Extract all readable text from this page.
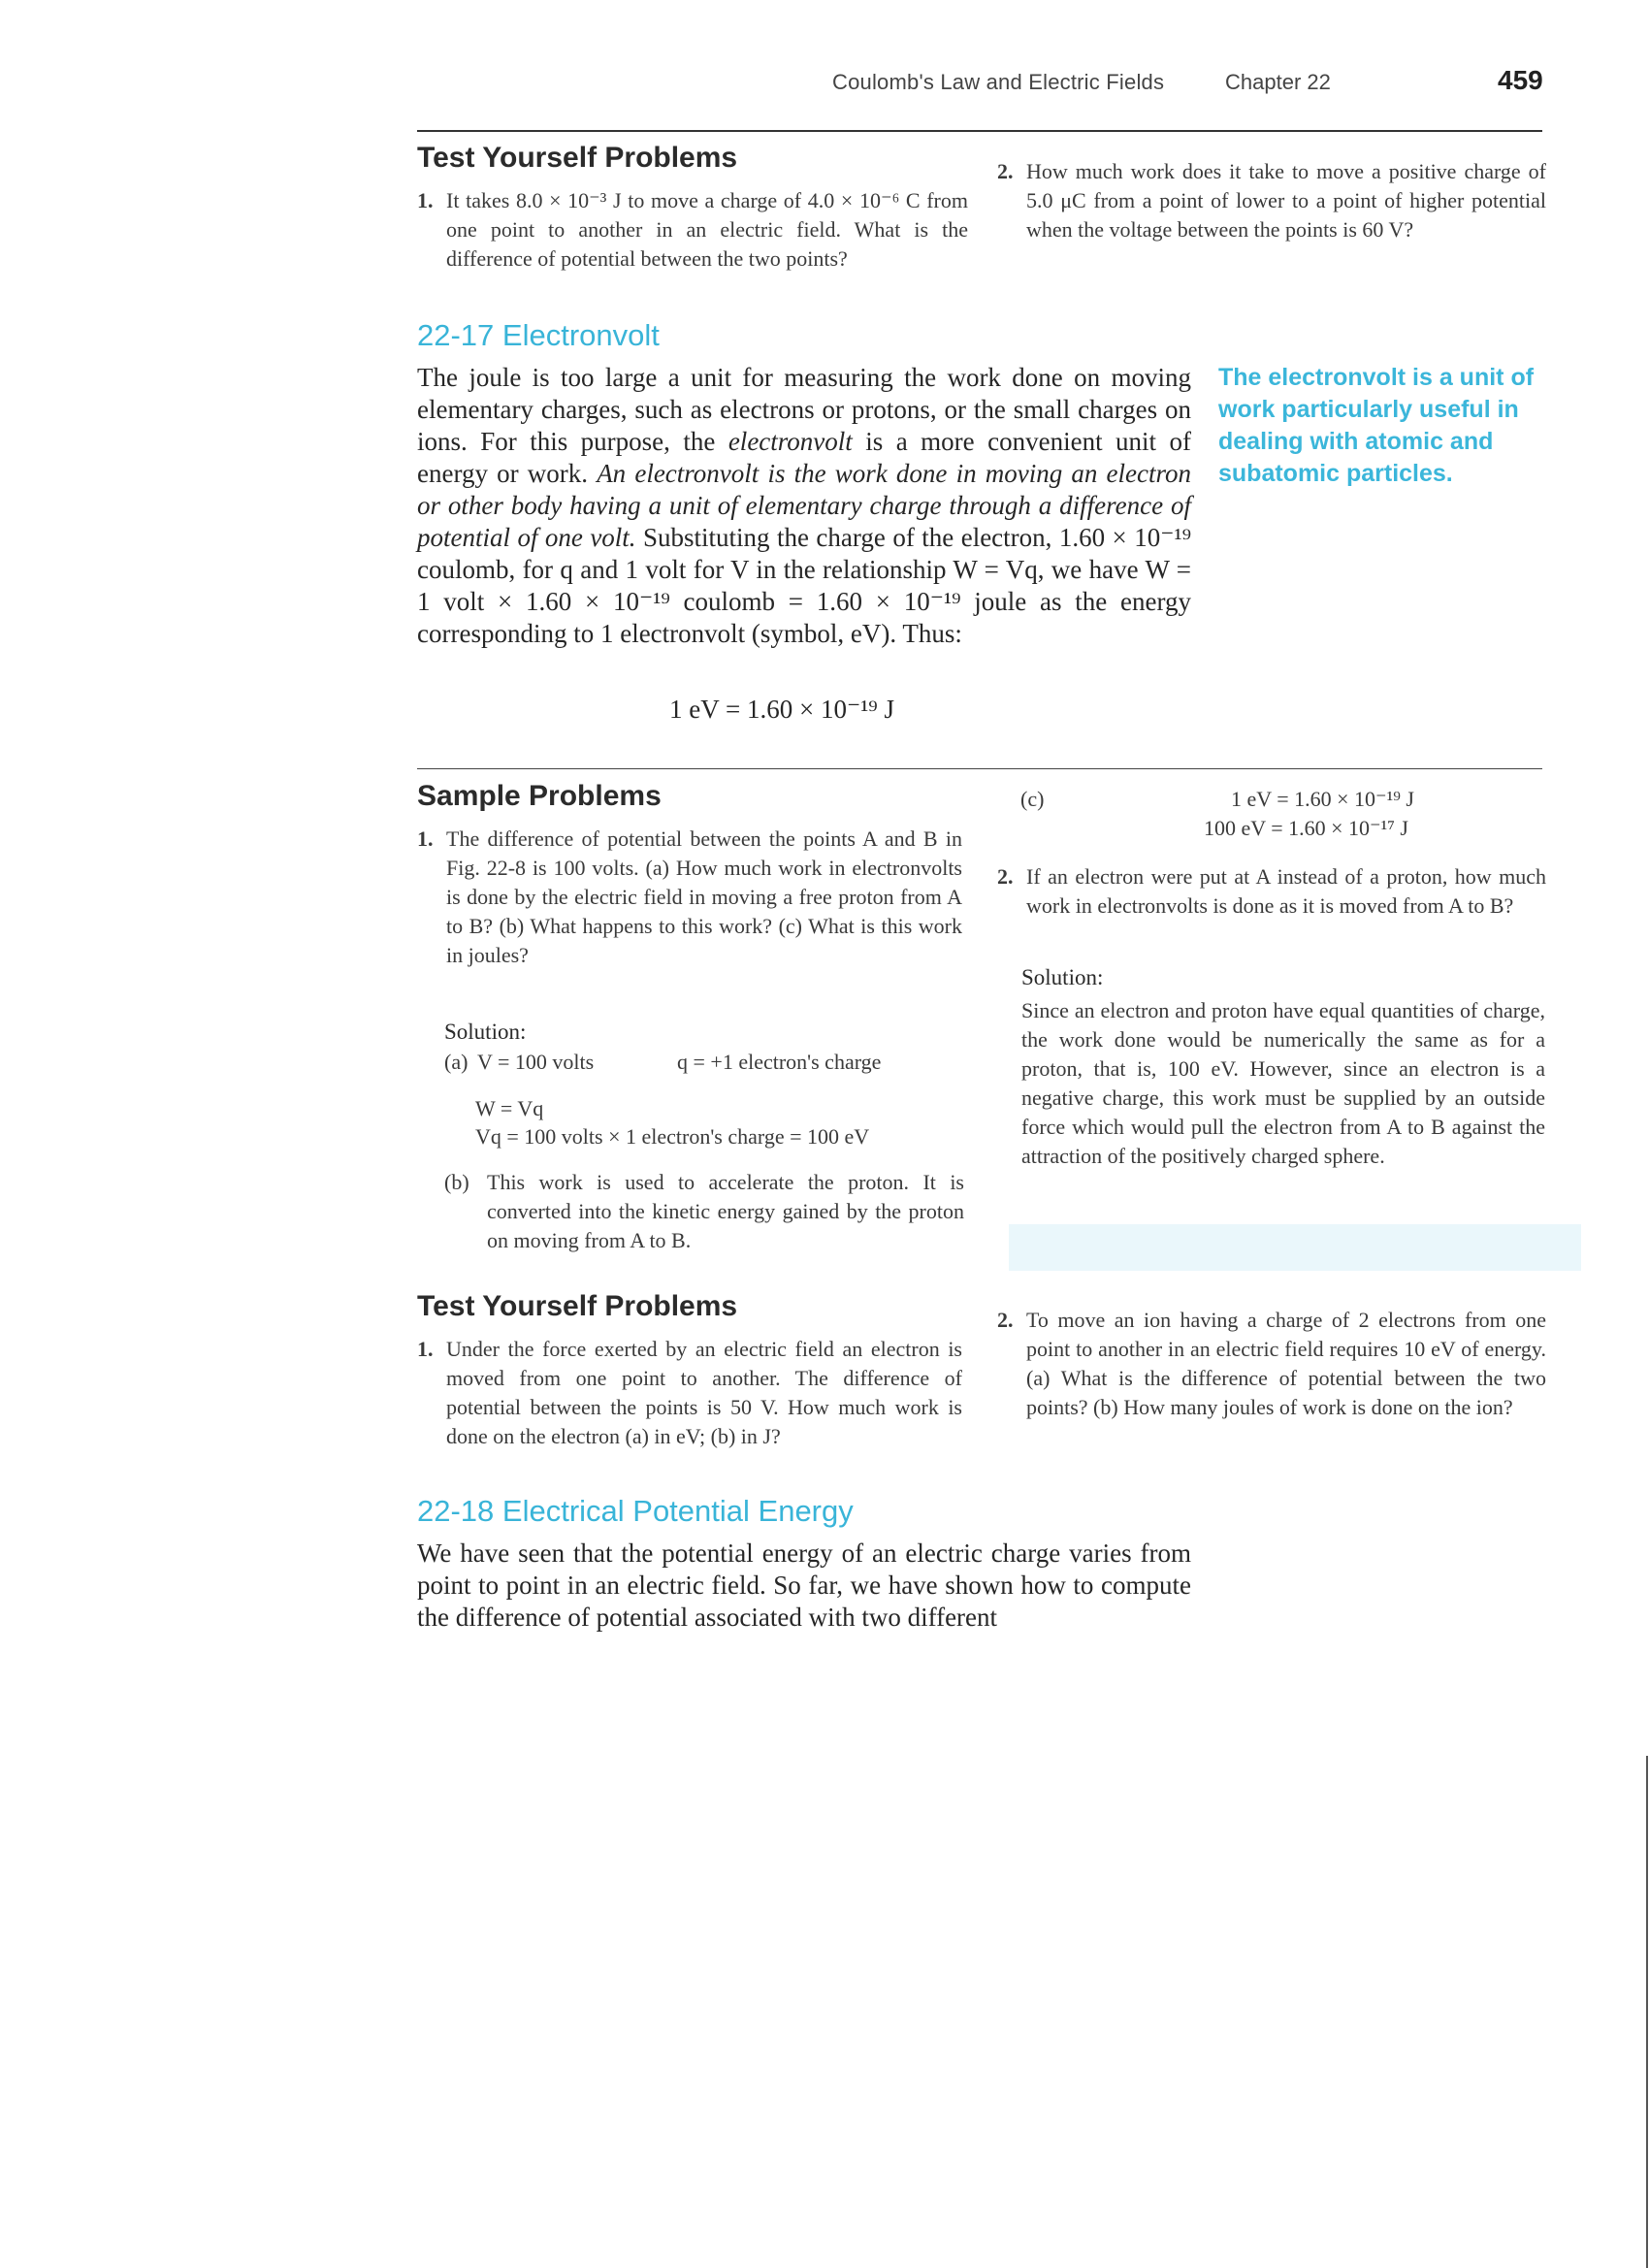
Coulomb's Law and Electric Fields	Chapter 22	459
Test Yourself Problems
1. It takes 8.0 × 10⁻³ J to move a charge of 4.0 × 10⁻⁶ C from one point to another in an electric field. What is the difference of potential between the two points?
2. How much work does it take to move a positive charge of 5.0 μC from a point of lower to a point of higher potential when the voltage between the points is 60 V?
22-17 Electronvolt
The joule is too large a unit for measuring the work done on moving elementary charges, such as electrons or protons, or the small charges on ions. For this purpose, the electronvolt is a more convenient unit of energy or work. An electronvolt is the work done in moving an electron or other body having a unit of elementary charge through a difference of potential of one volt. Substituting the charge of the electron, 1.60 × 10⁻¹⁹ coulomb, for q and 1 volt for V in the relationship W = Vq, we have W = 1 volt × 1.60 × 10⁻¹⁹ coulomb = 1.60 × 10⁻¹⁹ joule as the energy corresponding to 1 electronvolt (symbol, eV). Thus:
The electronvolt is a unit of work particularly useful in dealing with atomic and subatomic particles.
1 eV = 1.60 × 10⁻¹⁹ J
Sample Problems
1. The difference of potential between the points A and B in Fig. 22-8 is 100 volts. (a) How much work in electronvolts is done by the electric field in moving a free proton from A to B? (b) What happens to this work? (c) What is this work in joules?
Solution:
(a) V = 100 volts	q = +1 electron's charge
W = Vq
Vq = 100 volts × 1 electron's charge = 100 eV
(b) This work is used to accelerate the proton. It is converted into the kinetic energy gained by the proton on moving from A to B.
(c)	1 eV = 1.60 × 10⁻¹⁹ J
100 eV = 1.60 × 10⁻¹⁷ J
2. If an electron were put at A instead of a proton, how much work in electronvolts is done as it is moved from A to B?
Solution:
Since an electron and proton have equal quantities of charge, the work done would be numerically the same as for a proton, that is, 100 eV. However, since an electron is a negative charge, this work must be supplied by an outside force which would pull the electron from A to B against the attraction of the positively charged sphere.
Test Yourself Problems
1. Under the force exerted by an electric field an electron is moved from one point to another. The difference of potential between the points is 50 V. How much work is done on the electron (a) in eV; (b) in J?
2. To move an ion having a charge of 2 electrons from one point to another in an electric field requires 10 eV of energy. (a) What is the difference of potential between the two points? (b) How many joules of work is done on the ion?
22-18 Electrical Potential Energy
We have seen that the potential energy of an electric charge varies from point to point in an electric field. So far, we have shown how to compute the difference of potential associated with two different
